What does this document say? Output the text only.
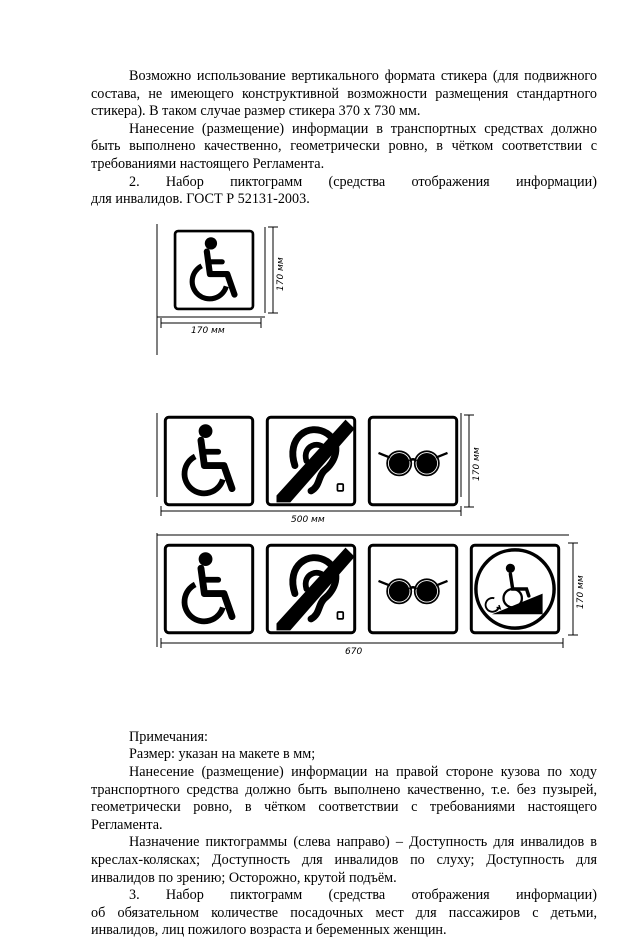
Возможно использование вертикального формата стикера (для подвижного состава, не имеющего конструктивной возможности размещения стандартного стикера). В таком случае размер стикера 370 х 730 мм.

Нанесение (размещение) информации в транспортных средствах должно быть выполнено качественно, геометрически ровно, в чётком соответствии с требованиями настоящего Регламента.

2. Набор пиктограмм (средства отображения информации)

для инвалидов. ГОСТ Р 52131-2003.

170 мм
170 мм
500 мм
170 мм
670
170 мм

Примечания:

Размер: указан на макете в мм;

Нанесение (размещение) информации на правой стороне кузова по ходу транспортного средства должно быть выполнено качественно, т.е. без пузырей, геометрически ровно, в чётком соответствии с требованиями настоящего Регламента.

Назначение пиктограммы (слева направо) – Доступность для инвалидов в креслах-колясках; Доступность для инвалидов по слуху; Доступность для инвалидов по зрению; Осторожно, крутой подъём.

3. Набор пиктограмм (средства отображения информации)

об обязательном количестве посадочных мест для пассажиров с детьми, инвалидов, лиц пожилого возраста и беременных женщин.
